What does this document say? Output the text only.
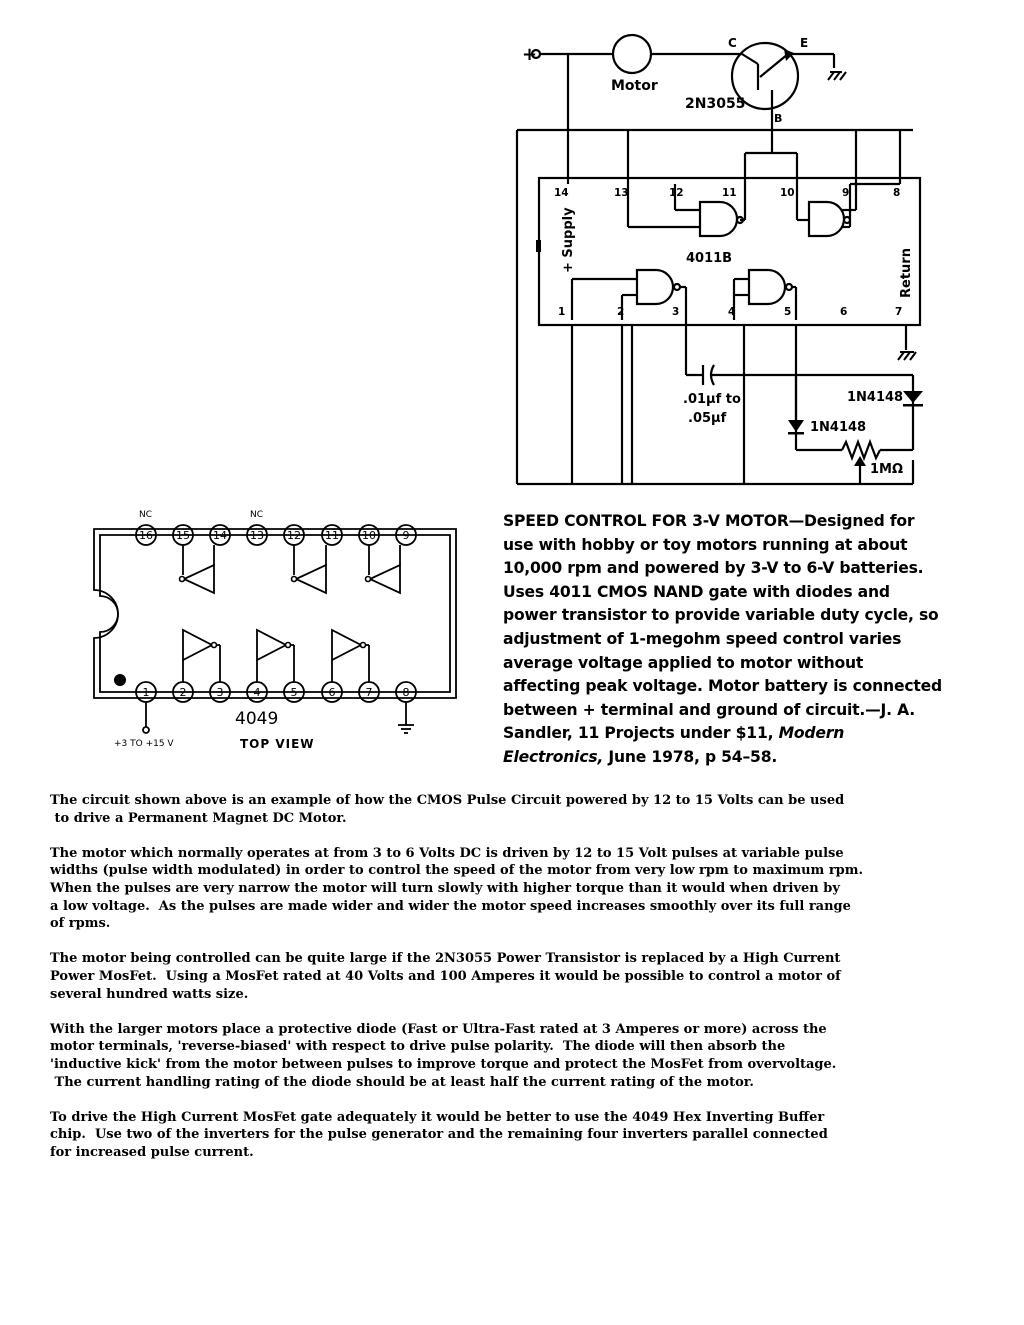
+
Motor
C	E
B
2N3055
14	13	12	11	10	9	8
1	2	3	4	5	6	7
4011B
+ Supply
Return
.01μf to
.05μf
1N4148
1N4148
1MΩ
16 15 14 13 12 11 10 9
1	2	3	4	5	6	7	8
NC	NC
4049
TOP VIEW
+3 TO +15 V
SPEED CONTROL FOR 3-V MOTOR—Designed for use with hobby or toy motors running at about 10,000 rpm and powered by 3-V to 6-V batteries. Uses 4011 CMOS NAND gate with diodes and power transistor to provide variable duty cycle, so adjustment of 1-megohm speed control varies average voltage applied to motor without affecting peak voltage. Motor battery is connected between + terminal and ground of circuit.—J. A. Sandler, 11 Projects under $11, Modern Electronics, June 1978, p 54–58.

The circuit shown above is an example of how the CMOS Pulse Circuit powered by 12 to 15 Volts can be used
to drive a Permanent Magnet DC Motor.

The motor which normally operates at from 3 to 6 Volts DC is driven by 12 to 15 Volt pulses at variable pulse
widths (pulse width modulated) in order to control the speed of the motor from very low rpm to maximum rpm.
When the pulses are very narrow the motor will turn slowly with higher torque than it would when driven by
a low voltage.  As the pulses are made wider and wider the motor speed increases smoothly over its full range
of rpms.

The motor being controlled can be quite large if the 2N3055 Power Transistor is replaced by a High Current
Power MosFet.  Using a MosFet rated at 40 Volts and 100 Amperes it would be possible to control a motor of
several hundred watts size.

With the larger motors place a protective diode (Fast or Ultra-Fast rated at 3 Amperes or more) across the
motor terminals, 'reverse-biased' with respect to drive pulse polarity.  The diode will then absorb the
'inductive kick' from the motor between pulses to improve torque and protect the MosFet from overvoltage.
The current handling rating of the diode should be at least half the current rating of the motor.

To drive the High Current MosFet gate adequately it would be better to use the 4049 Hex Inverting Buffer
chip.  Use two of the inverters for the pulse generator and the remaining four inverters parallel connected
for increased pulse current.
